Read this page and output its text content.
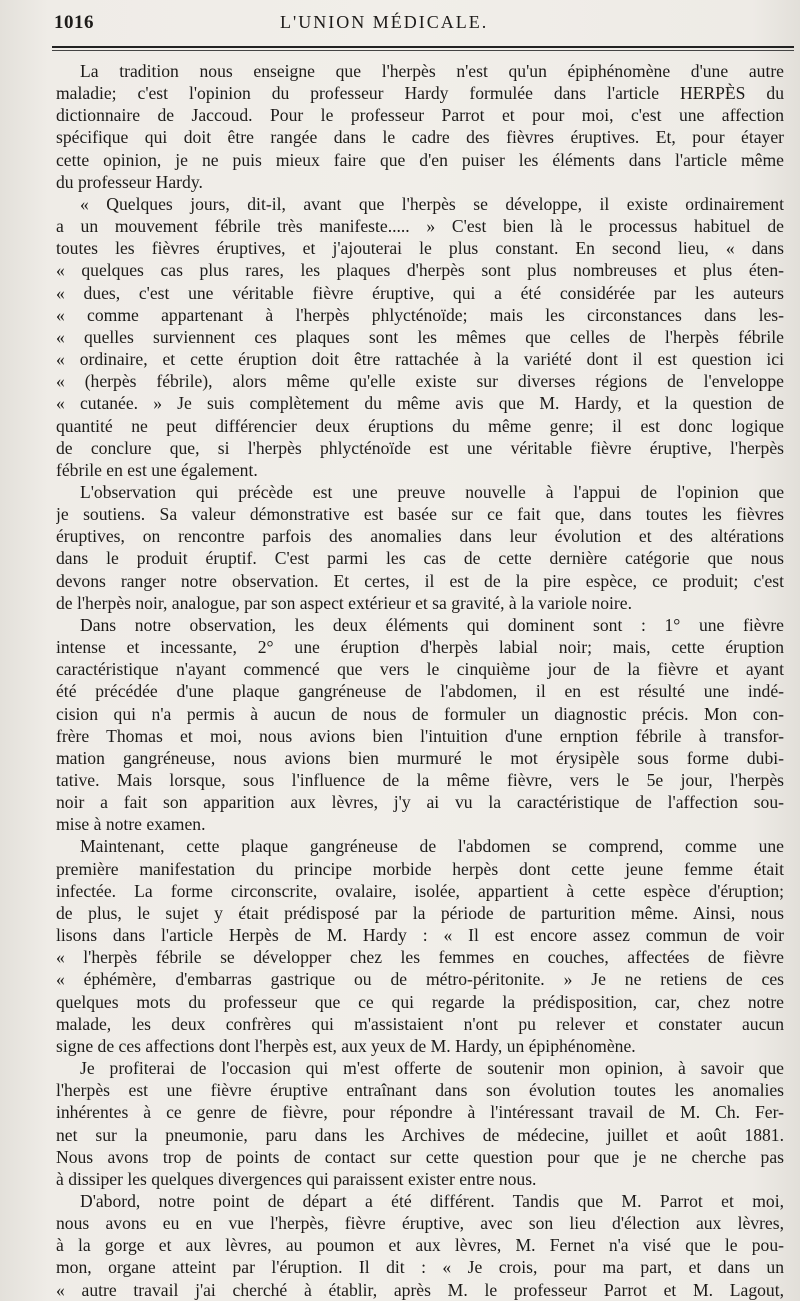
1016	L'UNION MÉDICALE.
La tradition nous enseigne que l'herpès n'est qu'un épiphénomène d'une autre
maladie; c'est l'opinion du professeur Hardy formulée dans l'article HERPÈS du
dictionnaire de Jaccoud. Pour le professeur Parrot et pour moi, c'est une affection
spécifique qui doit être rangée dans le cadre des fièvres éruptives. Et, pour étayer
cette opinion, je ne puis mieux faire que d'en puiser les éléments dans l'article même
du professeur Hardy.
« Quelques jours, dit-il, avant que l'herpès se développe, il existe ordinairement
a un mouvement fébrile très manifeste..... » C'est bien là le processus habituel de
toutes les fièvres éruptives, et j'ajouterai le plus constant. En second lieu, « dans
« quelques cas plus rares, les plaques d'herpès sont plus nombreuses et plus éten-
« dues, c'est une véritable fièvre éruptive, qui a été considérée par les auteurs
« comme appartenant à l'herpès phlycténoïde; mais les circonstances dans les-
« quelles surviennent ces plaques sont les mêmes que celles de l'herpès fébrile
« ordinaire, et cette éruption doit être rattachée à la variété dont il est question ici
« (herpès fébrile), alors même qu'elle existe sur diverses régions de l'enveloppe
« cutanée. » Je suis complètement du même avis que M. Hardy, et la question de
quantité ne peut différencier deux éruptions du même genre; il est donc logique
de conclure que, si l'herpès phlycténoïde est une véritable fièvre éruptive, l'herpès
fébrile en est une également.
L'observation qui précède est une preuve nouvelle à l'appui de l'opinion que
je soutiens. Sa valeur démonstrative est basée sur ce fait que, dans toutes les fièvres
éruptives, on rencontre parfois des anomalies dans leur évolution et des altérations
dans le produit éruptif. C'est parmi les cas de cette dernière catégorie que nous
devons ranger notre observation. Et certes, il est de la pire espèce, ce produit; c'est
de l'herpès noir, analogue, par son aspect extérieur et sa gravité, à la variole noire.
Dans notre observation, les deux éléments qui dominent sont : 1° une fièvre
intense et incessante, 2° une éruption d'herpès labial noir; mais, cette éruption
caractéristique n'ayant commencé que vers le cinquième jour de la fièvre et ayant
été précédée d'une plaque gangréneuse de l'abdomen, il en est résulté une indé-
cision qui n'a permis à aucun de nous de formuler un diagnostic précis. Mon con-
frère Thomas et moi, nous avions bien l'intuition d'une ernption fébrile à transfor-
mation gangréneuse, nous avions bien murmuré le mot érysipèle sous forme dubi-
tative. Mais lorsque, sous l'influence de la même fièvre, vers le 5e jour, l'herpès
noir a fait son apparition aux lèvres, j'y ai vu la caractéristique de l'affection sou-
mise à notre examen.
Maintenant, cette plaque gangréneuse de l'abdomen se comprend, comme une
première manifestation du principe morbide herpès dont cette jeune femme était
infectée. La forme circonscrite, ovalaire, isolée, appartient à cette espèce d'éruption;
de plus, le sujet y était prédisposé par la période de parturition même. Ainsi, nous
lisons dans l'article Herpès de M. Hardy : « Il est encore assez commun de voir
« l'herpès fébrile se développer chez les femmes en couches, affectées de fièvre
« éphémère, d'embarras gastrique ou de métro-péritonite. » Je ne retiens de ces
quelques mots du professeur que ce qui regarde la prédisposition, car, chez notre
malade, les deux confrères qui m'assistaient n'ont pu relever et constater aucun
signe de ces affections dont l'herpès est, aux yeux de M. Hardy, un épiphénomène.
Je profiterai de l'occasion qui m'est offerte de soutenir mon opinion, à savoir que
l'herpès est une fièvre éruptive entraînant dans son évolution toutes les anomalies
inhérentes à ce genre de fièvre, pour répondre à l'intéressant travail de M. Ch. Fer-
net sur la pneumonie, paru dans les Archives de médecine, juillet et août 1881.
Nous avons trop de points de contact sur cette question pour que je ne cherche pas
à dissiper les quelques divergences qui paraissent exister entre nous.
D'abord, notre point de départ a été différent. Tandis que M. Parrot et moi,
nous avons eu en vue l'herpès, fièvre éruptive, avec son lieu d'élection aux lèvres,
à la gorge et aux lèvres, au poumon et aux lèvres, M. Fernet n'a visé que le pou-
mon, organe atteint par l'éruption. Il dit : « Je crois, pour ma part, et dans un
« autre travail j'ai cherché à établir, après M. le professeur Parrot et M. Lagout,
